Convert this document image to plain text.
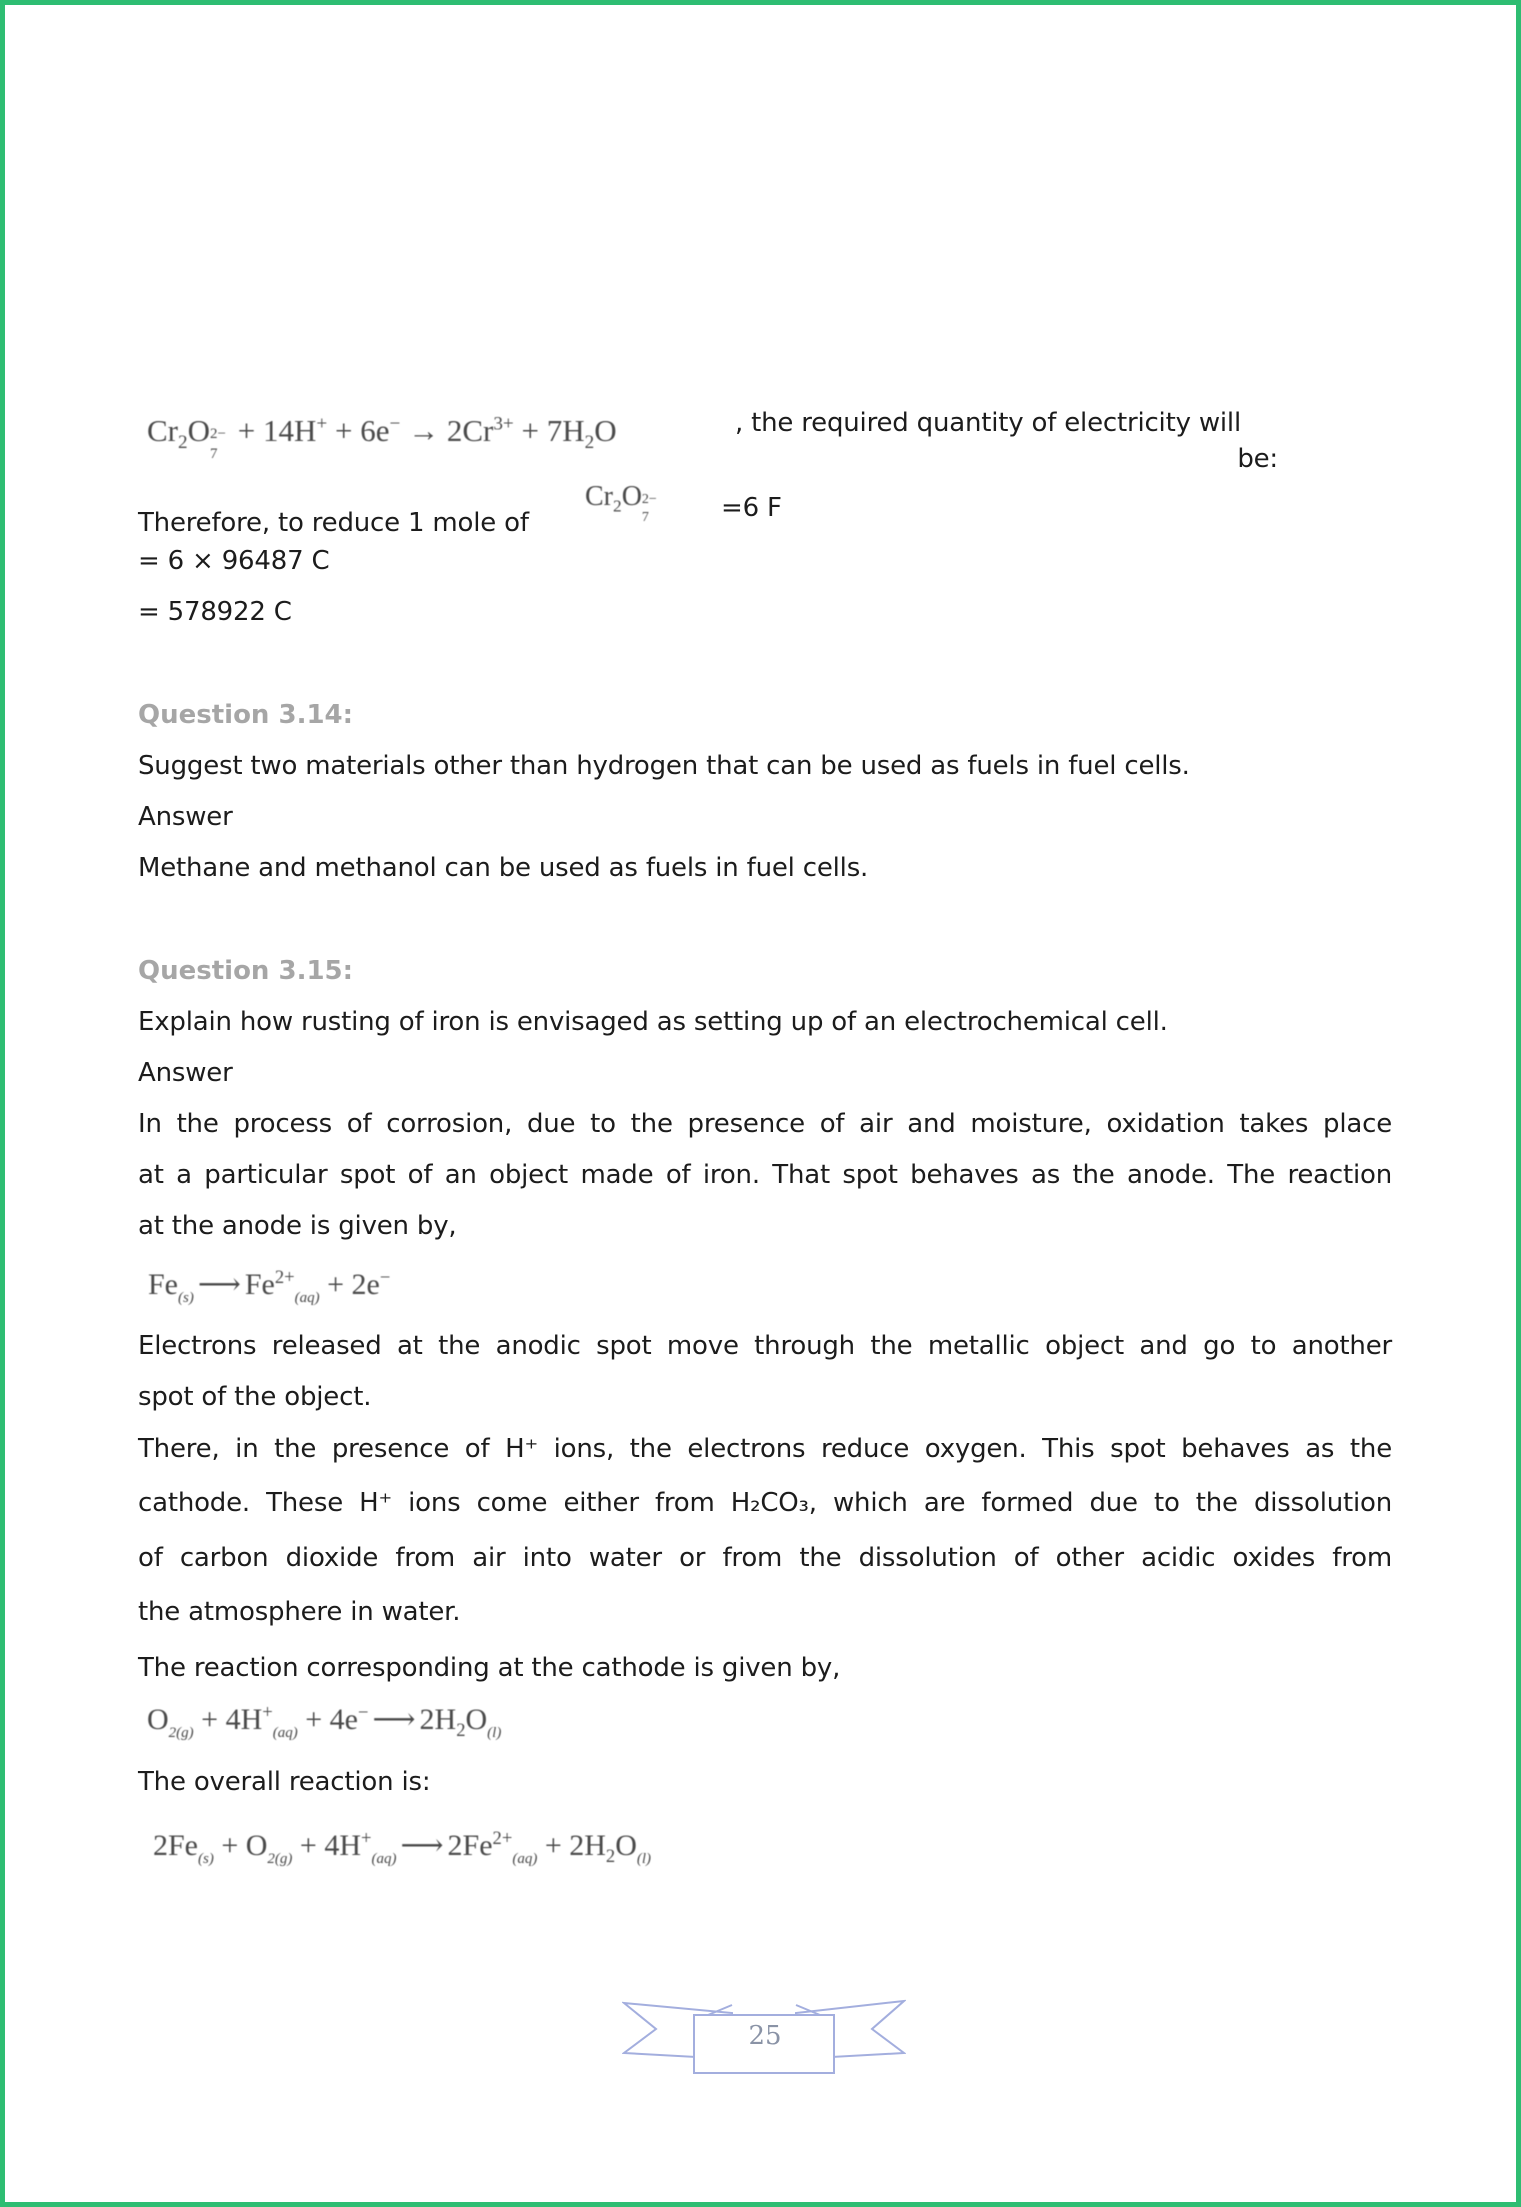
$Cr_2O$ 2−
7
+ $14H^+ + 6e^- \to 2Cr^{3+} + 7H_2O$	, the required quantity of electricity will
be:
Therefore, to reduce 1 mole of
$Cr_2O$ 2−
7	=6 F
= 6 × 96487 C
= 578922 C
Question 3.14:
Suggest two materials other than hydrogen that can be used as fuels in fuel cells.
Answer
Methane and methanol can be used as fuels in fuel cells.
Question 3.15:
Explain how rusting of iron is envisaged as setting up of an electrochemical cell.
Answer
In the process of corrosion, due to the presence of air and moisture, oxidation takes place
at a particular spot of an object made of iron. That spot behaves as the anode. The reaction
at the anode is given by,
$Fe_{(s)}$ ⟶ $Fe^{2+}_{(aq)} + 2e^-$
Electrons released at the anodic spot move through the metallic object and go to another
spot of the object.
There, in the presence of H⁺ ions, the electrons reduce oxygen. This spot behaves as the
cathode. These H⁺ ions come either from H₂CO₃, which are formed due to the dissolution
of carbon dioxide from air into water or from the dissolution of other acidic oxides from
the atmosphere in water.
The reaction corresponding at the cathode is given by,
$O_{2(g)} + 4H^+_{(aq)} + 4e^-$ ⟶ $2H_2O_{(l)}$
The overall reaction is:
$2Fe_{(s)} + O_{2(g)} + 4H^+_{(aq)}$ ⟶ $2Fe^{2+}_{(aq)} + 2H_2O_{(l)}$
25
